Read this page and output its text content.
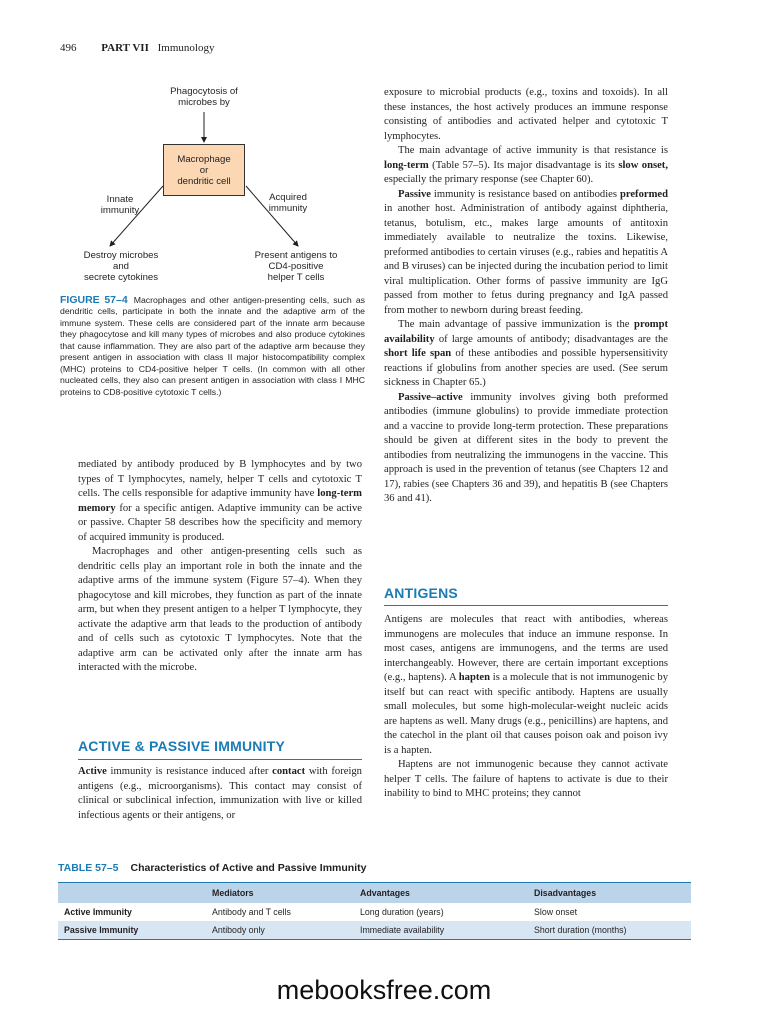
496 PART VII Immunology
Phagocytosis of
microbes by
Macrophage
or
dendritic cell
Innate
immunity
Acquired
immunity
Destroy microbes
and
secrete cytokines
Present antigens to
CD4-positive
helper T cells
FIGURE 57–4 Macrophages and other antigen-presenting cells, such as dendritic cells, participate in both the innate and the adaptive arm of the immune system. These cells are considered part of the innate arm because they phagocytose and kill many types of microbes and also produce cytokines that cause inflammation. They are also part of the adaptive arm because they present antigen in association with class II major histocompatibility complex (MHC) proteins to CD4-positive helper T cells. (In common with all other nucleated cells, they also can present antigen in association with class I MHC proteins to CD8-positive cytotoxic T cells.)

mediated by antibody produced by B lymphocytes and by two types of T lymphocytes, namely, helper T cells and cytotoxic T cells. The cells responsible for adaptive immunity have long-term memory for a specific antigen. Adaptive immunity can be active or passive. Chapter 58 describes how the specificity and memory of acquired immunity is produced.

Macrophages and other antigen-presenting cells such as dendritic cells play an important role in both the innate and the adaptive arms of the immune system (Figure 57–4). When they phagocytose and kill microbes, they function as part of the innate arm, but when they present antigen to a helper T lymphocyte, they activate the adaptive arm that leads to the production of antibody and of cells such as cytotoxic T lymphocytes. Note that the adaptive arm can be activated only after the innate arm has interacted with the microbe.

ACTIVE & PASSIVE IMMUNITY

Active immunity is resistance induced after contact with foreign antigens (e.g., microorganisms). This contact may consist of clinical or subclinical infection, immunization with live or killed infectious agents or their antigens, or

exposure to microbial products (e.g., toxins and toxoids). In all these instances, the host actively produces an immune response consisting of antibodies and activated helper and cytotoxic T lymphocytes.

The main advantage of active immunity is that resistance is long-term (Table 57–5). Its major disadvantage is its slow onset, especially the primary response (see Chapter 60).

Passive immunity is resistance based on antibodies preformed in another host. Administration of antibody against diphtheria, tetanus, botulism, etc., makes large amounts of antitoxin immediately available to neutralize the toxins. Likewise, preformed antibodies to certain viruses (e.g., rabies and hepatitis A and B viruses) can be injected during the incubation period to limit viral multiplication. Other forms of passive immunity are IgG passed from mother to fetus during pregnancy and IgA passed from mother to newborn during breast feeding.

The main advantage of passive immunization is the prompt availability of large amounts of antibody; disadvantages are the short life span of these antibodies and possible hypersensitivity reactions if globulins from another species are used. (See serum sickness in Chapter 65.)

Passive–active immunity involves giving both preformed antibodies (immune globulins) to provide immediate protection and a vaccine to provide long-term protection. These preparations should be given at different sites in the body to prevent the antibodies from neutralizing the immunogens in the vaccine. This approach is used in the prevention of tetanus (see Chapters 12 and 17), rabies (see Chapters 36 and 39), and hepatitis B (see Chapters 36 and 41).

ANTIGENS

Antigens are molecules that react with antibodies, whereas immunogens are molecules that induce an immune response. In most cases, antigens are immunogens, and the terms are used interchangeably. However, there are certain important exceptions (e.g., haptens). A hapten is a molecule that is not immunogenic by itself but can react with specific antibody. Haptens are usually small molecules, but some high-molecular-weight nucleic acids are haptens as well. Many drugs (e.g., penicillins) are haptens, and the catechol in the plant oil that causes poison oak and poison ivy is a hapten.

Haptens are not immunogenic because they cannot activate helper T cells. The failure of haptens to activate is due to their inability to bind to MHC proteins; they cannot

TABLE 57–5 Characteristics of Active and Passive Immunity
	Mediators	Advantages	Disadvantages
Active Immunity	Antibody and T cells	Long duration (years)	Slow onset
Passive Immunity	Antibody only	Immediate availability	Short duration (months)
mebooksfree.com
